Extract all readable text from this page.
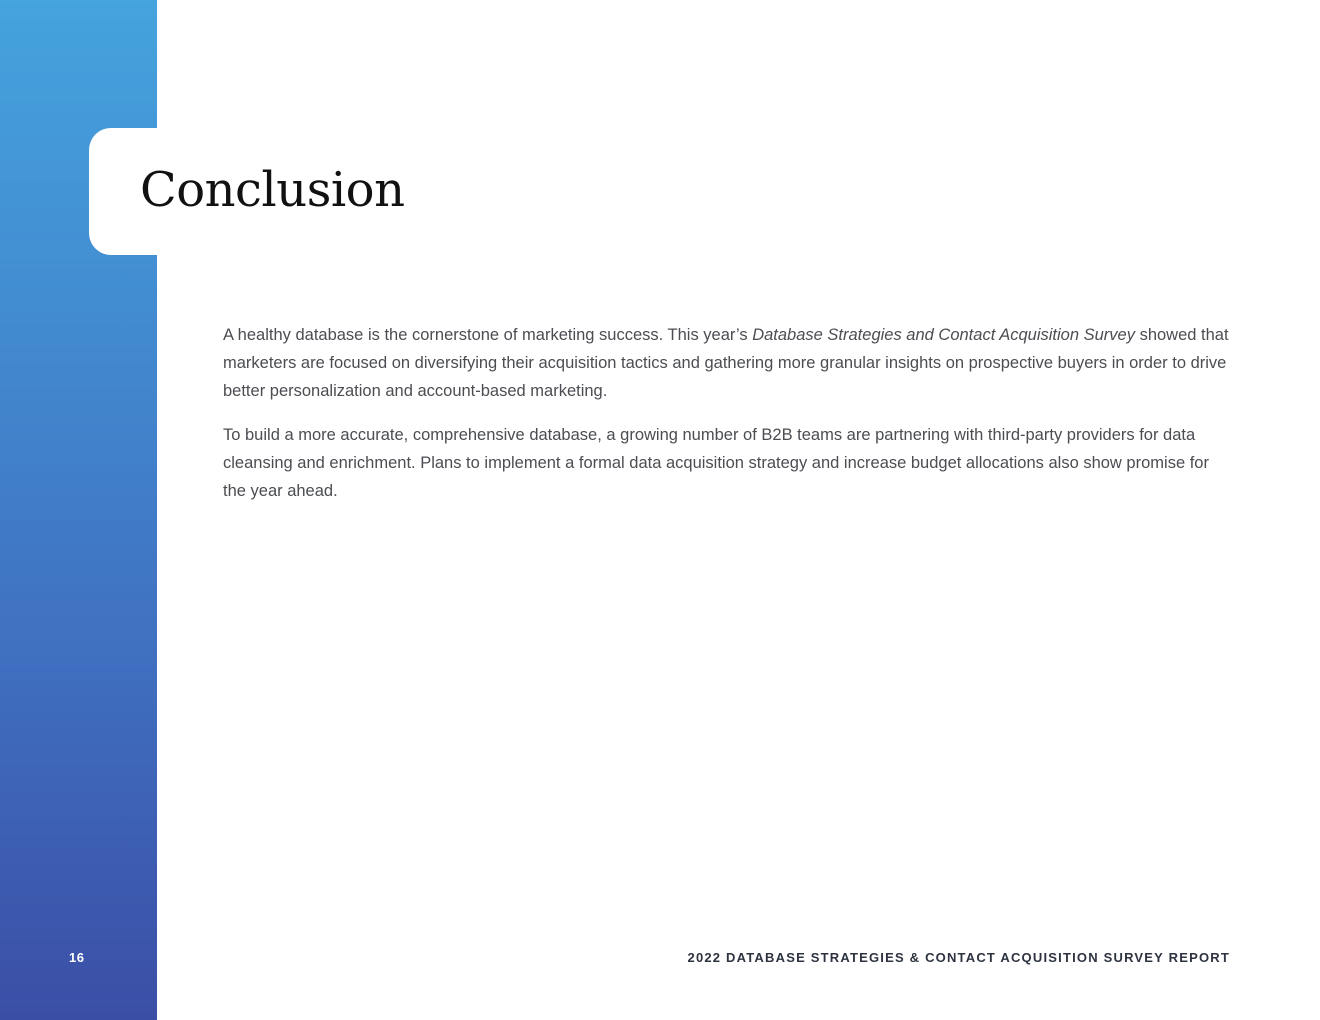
Conclusion

A healthy database is the cornerstone of marketing success. This year’s Database Strategies and Contact Acquisition Survey showed that marketers are focused on diversifying their acquisition tactics and gathering more granular insights on prospective buyers in order to drive better personalization and account-based marketing.

To build a more accurate, comprehensive database, a growing number of B2B teams are partnering with third-party providers for data cleansing and enrichment. Plans to implement a formal data acquisition strategy and increase budget allocations also show promise for the year ahead.

16	2022 DATABASE STRATEGIES & CONTACT ACQUISITION SURVEY REPORT
